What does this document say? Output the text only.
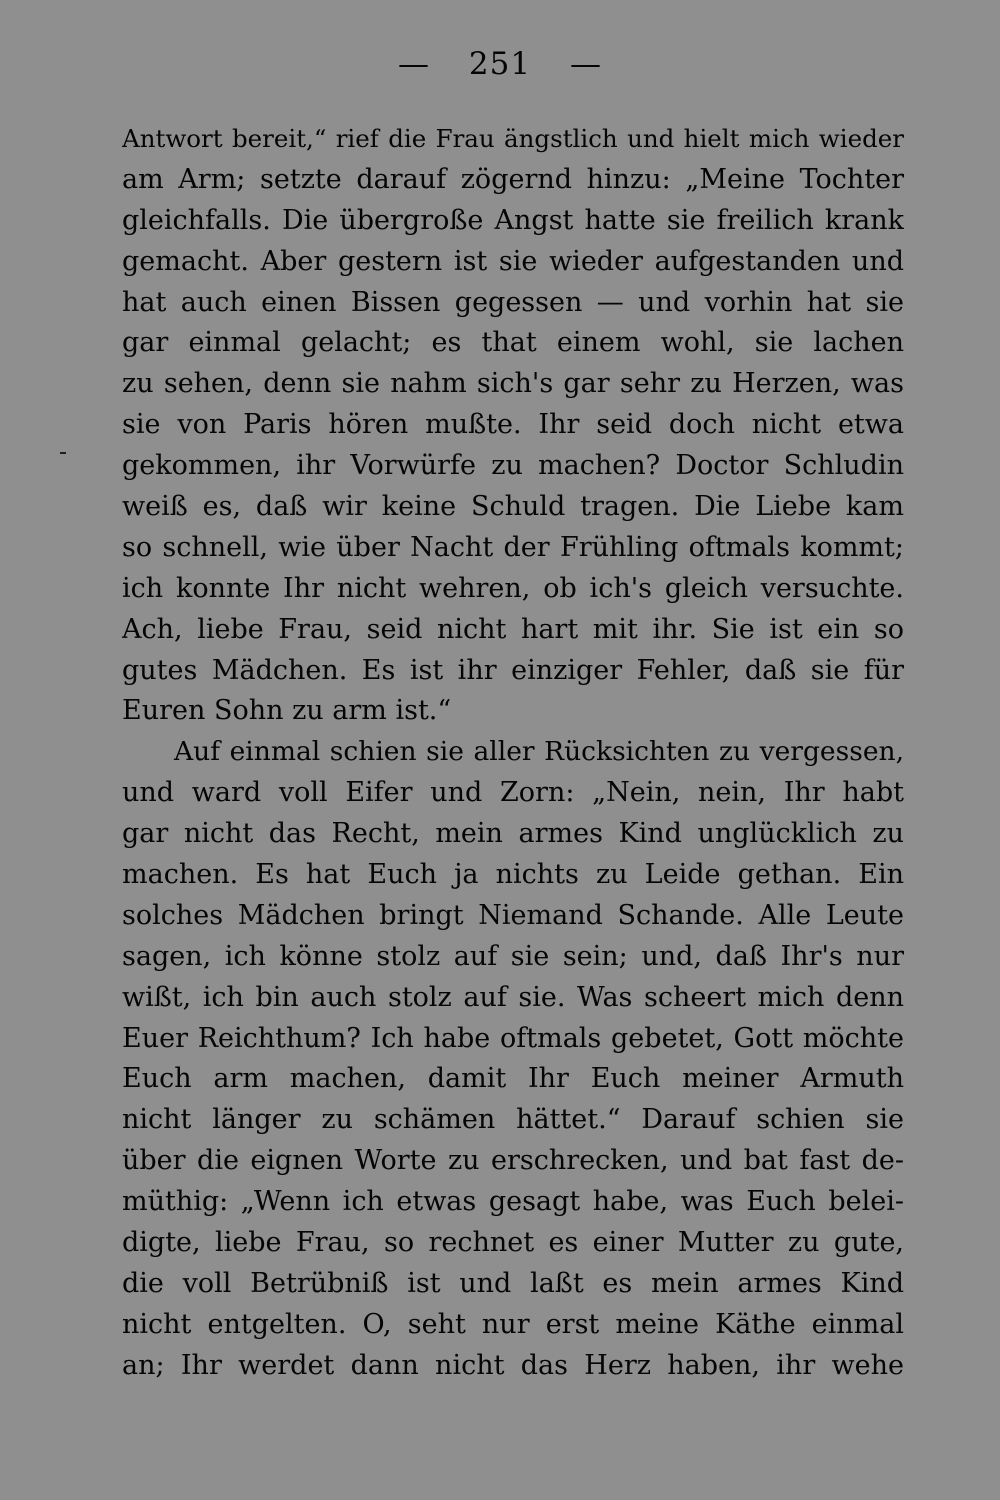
— 251 —
Antwort bereit,“ rief die Frau ängstlich und hielt mich wieder
am Arm; setzte darauf zögernd hinzu: „Meine Tochter
gleichfalls. Die übergroße Angst hatte sie freilich krank
gemacht. Aber gestern ist sie wieder aufgestanden und
hat auch einen Bissen gegessen — und vorhin hat sie
gar einmal gelacht; es that einem wohl, sie lachen
zu sehen, denn sie nahm sich's gar sehr zu Herzen, was
sie von Paris hören mußte. Ihr seid doch nicht etwa
gekommen, ihr Vorwürfe zu machen? Doctor Schludin
weiß es, daß wir keine Schuld tragen. Die Liebe kam
so schnell, wie über Nacht der Frühling oftmals kommt;
ich konnte Ihr nicht wehren, ob ich's gleich versuchte.
Ach, liebe Frau, seid nicht hart mit ihr. Sie ist ein so
gutes Mädchen. Es ist ihr einziger Fehler, daß sie für
Euren Sohn zu arm ist.“
Auf einmal schien sie aller Rücksichten zu vergessen,
und ward voll Eifer und Zorn: „Nein, nein, Ihr habt
gar nicht das Recht, mein armes Kind unglücklich zu
machen. Es hat Euch ja nichts zu Leide gethan. Ein
solches Mädchen bringt Niemand Schande. Alle Leute
sagen, ich könne stolz auf sie sein; und, daß Ihr's nur
wißt, ich bin auch stolz auf sie. Was scheert mich denn
Euer Reichthum? Ich habe oftmals gebetet, Gott möchte
Euch arm machen, damit Ihr Euch meiner Armuth
nicht länger zu schämen hättet.“ Darauf schien sie
über die eignen Worte zu erschrecken, und bat fast de-
müthig: „Wenn ich etwas gesagt habe, was Euch belei-
digte, liebe Frau, so rechnet es einer Mutter zu gute,
die voll Betrübniß ist und laßt es mein armes Kind
nicht entgelten. O, seht nur erst meine Käthe einmal
an; Ihr werdet dann nicht das Herz haben, ihr wehe
